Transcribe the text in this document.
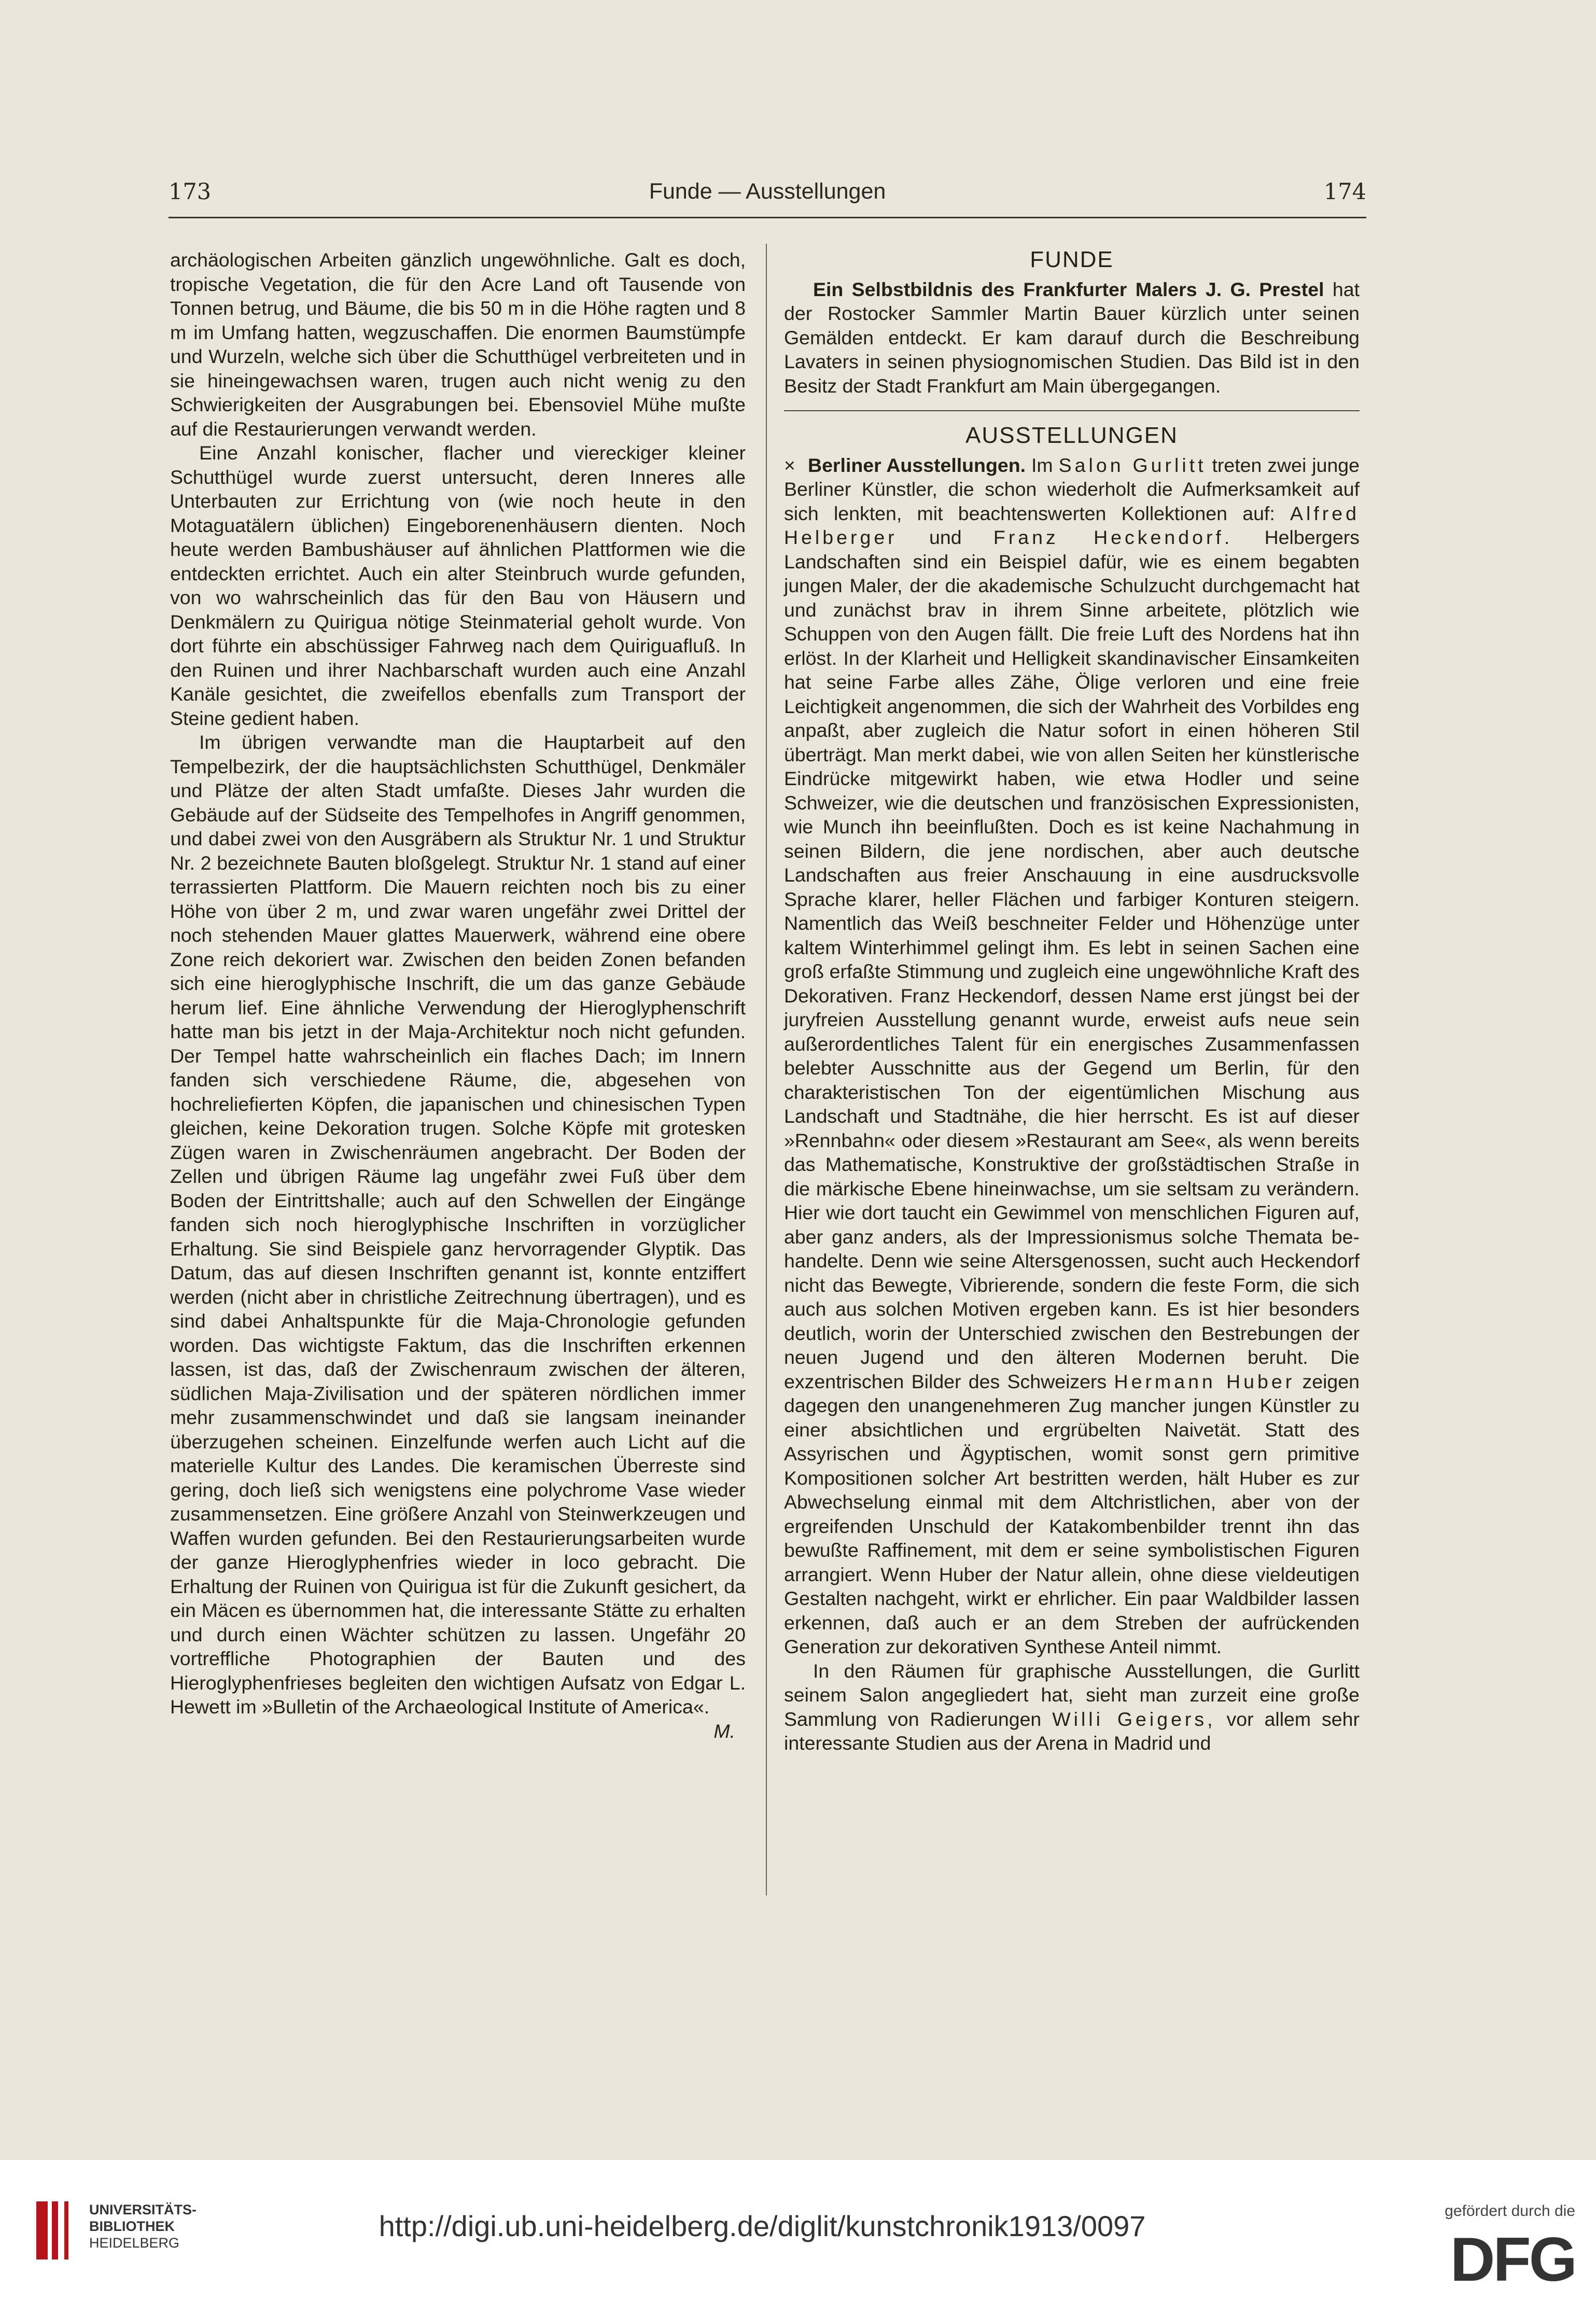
173	Funde — Ausstellungen	174

archäologischen Arbeiten gänzlich ungewöhnliche. Galt es doch, tropische Vegetation, die für den Acre Land oft Tausende von Tonnen betrug, und Bäume, die bis 50 m in die Höhe ragten und 8 m im Umfang hatten, wegzuschaffen. Die enormen Baumstümpfe und Wurzeln, welche sich über die Schutthügel verbreiteten und in sie hineingewachsen waren, trugen auch nicht wenig zu den Schwierigkeiten der Ausgrabungen bei. Ebensoviel Mühe mußte auf die Restaurierungen verwandt werden.

Eine Anzahl konischer, flacher und viereckiger kleiner Schutthügel wurde zuerst untersucht, deren Inneres alle Unterbauten zur Errichtung von (wie noch heute in den Motaguatälern üblichen) Eingeborenenhäusern dienten. Noch heute werden Bambushäuser auf ähnlichen Plattformen wie die entdeckten errichtet. Auch ein alter Steinbruch wurde gefunden, von wo wahrscheinlich das für den Bau von Häusern und Denkmälern zu Quirigua nötige Steinmaterial geholt wurde. Von dort führte ein abschüssiger Fahrweg nach dem Quiriguafluß. In den Ruinen und ihrer Nachbarschaft wurden auch eine Anzahl Kanäle gesichtet, die zweifellos ebenfalls zum Transport der Steine gedient haben.

Im übrigen verwandte man die Hauptarbeit auf den Tempelbezirk, der die hauptsächlichsten Schutthügel, Denkmäler und Plätze der alten Stadt umfaßte. Dieses Jahr wurden die Gebäude auf der Südseite des Tempelhofes in Angriff genommen, und dabei zwei von den Ausgräbern als Struktur Nr. 1 und Struktur Nr. 2 bezeichnete Bauten bloßgelegt. Struktur Nr. 1 stand auf einer terrassierten Plattform. Die Mauern reichten noch bis zu einer Höhe von über 2 m, und zwar waren ungefähr zwei Drittel der noch stehenden Mauer glattes Mauerwerk, während eine obere Zone reich dekoriert war. Zwischen den beiden Zonen befanden sich eine hieroglyphische Inschrift, die um das ganze Gebäude herum lief. Eine ähnliche Verwendung der Hieroglyphenschrift hatte man bis jetzt in der Maja-Architektur noch nicht gefunden. Der Tempel hatte wahrscheinlich ein flaches Dach; im Innern fanden sich verschiedene Räume, die, abgesehen von hochreliefierten Köpfen, die japanischen und chinesischen Typen gleichen, keine Dekoration trugen. Solche Köpfe mit grotesken Zügen waren in Zwischenräumen angebracht. Der Boden der Zellen und übrigen Räume lag ungefähr zwei Fuß über dem Boden der Eintrittshalle; auch auf den Schwellen der Eingänge fanden sich noch hieroglyphische Inschriften in vorzüglicher Erhaltung. Sie sind Beispiele ganz hervorragender Glyptik. Das Datum, das auf diesen Inschriften genannt ist, konnte entziffert werden (nicht aber in christliche Zeitrechnung übertragen), und es sind dabei Anhaltspunkte für die Maja-Chronologie gefunden worden. Das wichtigste Faktum, das die Inschriften erkennen lassen, ist das, daß der Zwischenraum zwischen der älteren, südlichen Maja-Zivilisation und der späteren nördlichen immer mehr zusammenschwindet und daß sie langsam ineinander überzugehen scheinen. Einzelfunde werfen auch Licht auf die materielle Kultur des Landes. Die keramischen Überreste sind gering, doch ließ sich wenigstens eine polychrome Vase wieder zusammensetzen. Eine größere Anzahl von Steinwerkzeugen und Waffen wurden gefunden. Bei den Restaurierungsarbeiten wurde der ganze Hieroglyphenfries wieder in loco gebracht. Die Erhaltung der Ruinen von Quirigua ist für die Zukunft gesichert, da ein Mäcen es übernommen hat, die interessante Stätte zu erhalten und durch einen Wächter schützen zu lassen. Ungefähr 20 vortreffliche Photographien der Bauten und des Hieroglyphenfrieses begleiten den wichtigen Aufsatz von Edgar L. Hewett im »Bulletin of the Archaeological Institute of America«.
M.

FUNDE

Ein Selbstbildnis des Frankfurter Malers J. G. Prestel hat der Rostocker Sammler Martin Bauer kürzlich unter seinen Gemälden entdeckt. Er kam darauf durch die Beschreibung Lavaters in seinen physiognomischen Studien. Das Bild ist in den Besitz der Stadt Frankfurt am Main übergegangen.

AUSSTELLUNGEN

× Berliner Ausstellungen. Im Salon Gurlitt treten zwei junge Berliner Künstler, die schon wiederholt die Aufmerksamkeit auf sich lenkten, mit beachtenswerten Kollektionen auf: Alfred Helberger und Franz Heckendorf. Helbergers Landschaften sind ein Beispiel dafür, wie es einem begabten jungen Maler, der die akademische Schulzucht durchgemacht hat und zunächst brav in ihrem Sinne arbeitete, plötzlich wie Schuppen von den Augen fällt. Die freie Luft des Nordens hat ihn erlöst. In der Klarheit und Helligkeit skandinavischer Einsamkeiten hat seine Farbe alles Zähe, Ölige verloren und eine freie Leichtigkeit angenommen, die sich der Wahrheit des Vorbildes eng anpaßt, aber zugleich die Natur sofort in einen höheren Stil überträgt. Man merkt dabei, wie von allen Seiten her künstlerische Eindrücke mitgewirkt haben, wie etwa Hodler und seine Schweizer, wie die deutschen und französischen Expressionisten, wie Munch ihn beeinflußten. Doch es ist keine Nachahmung in seinen Bildern, die jene nordischen, aber auch deutsche Landschaften aus freier Anschauung in eine ausdrucksvolle Sprache klarer, heller Flächen und farbiger Konturen steigern. Namentlich das Weiß beschneiter Felder und Höhenzüge unter kaltem Winterhimmel gelingt ihm. Es lebt in seinen Sachen eine groß erfaßte Stimmung und zugleich eine ungewöhnliche Kraft des Dekorativen. Franz Heckendorf, dessen Name erst jüngst bei der juryfreien Ausstellung genannt wurde, erweist aufs neue sein außerordentliches Talent für ein energisches Zusammenfassen belebter Ausschnitte aus der Gegend um Berlin, für den charakteristischen Ton der eigentümlichen Mischung aus Landschaft und Stadtnähe, die hier herrscht. Es ist auf dieser »Rennbahn« oder diesem »Restaurant am See«, als wenn bereits das Mathematische, Konstruktive der großstädtischen Straße in die märkische Ebene hineinwachse, um sie seltsam zu verändern. Hier wie dort taucht ein Gewimmel von menschlichen Figuren auf, aber ganz anders, als der Impressionismus solche Themata behandelte. Denn wie seine Altersgenossen, sucht auch Heckendorf nicht das Bewegte, Vibrierende, sondern die feste Form, die sich auch aus solchen Motiven ergeben kann. Es ist hier besonders deutlich, worin der Unterschied zwischen den Bestrebungen der neuen Jugend und den älteren Modernen beruht. Die exzentrischen Bilder des Schweizers Hermann Huber zeigen dagegen den unangenehmeren Zug mancher jungen Künstler zu einer absichtlichen und ergrübelten Naivetät. Statt des Assyrischen und Ägyptischen, womit sonst gern primitive Kompositionen solcher Art bestritten werden, hält Huber es zur Abwechselung einmal mit dem Altchristlichen, aber von der ergreifenden Unschuld der Katakombenbilder trennt ihn das bewußte Raffinement, mit dem er seine symbolistischen Figuren arrangiert. Wenn Huber der Natur allein, ohne diese vieldeutigen Gestalten nachgeht, wirkt er ehrlicher. Ein paar Waldbilder lassen erkennen, daß auch er an dem Streben der aufrückenden Generation zur dekorativen Synthese Anteil nimmt.

In den Räumen für graphische Ausstellungen, die Gurlitt seinem Salon angegliedert hat, sieht man zurzeit eine große Sammlung von Radierungen Willi Geigers, vor allem sehr interessante Studien aus der Arena in Madrid und

UNIVERSITÄTS-
BIBLIOTHEK
HEIDELBERG
http://digi.ub.uni-heidelberg.de/diglit/kunstchronik1913/0097	gefördert durch die
DFG
